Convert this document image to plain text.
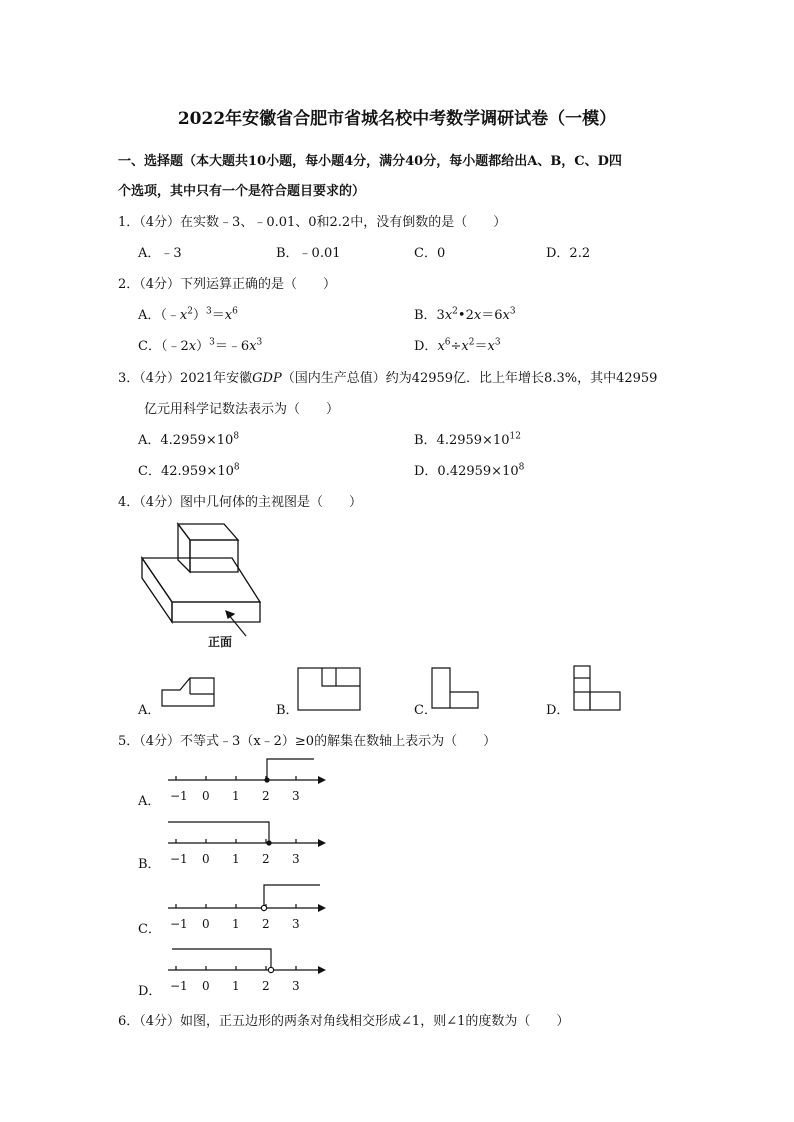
2022年安徽省合肥市省城名校中考数学调研试卷（一模）
一、选择题（本大题共10小题，每小题4分，满分40分，每小题都给出A、B，C、D四
个选项，其中只有一个是符合题目要求的）
1．（4分）在实数﹣3、﹣0.01、0和2.2中，没有倒数的是（　　）
A．﹣3	B．﹣0.01	C．0	D．2.2
2．（4分）下列运算正确的是（　　）
A．$(﹣x^2)^3=x^6$	B．$3x^2•2x=6x^3$
C．$(﹣2x)^3=﹣6x^3$	D．$x^6\div x^2=x^3$
3．（4分）2021年安徽GDP（国内生产总值）约为42959亿．比上年增长8.3%，其中42959
亿元用科学记数法表示为（　　）
A．$4.2959\times 10^8$	B．$4.2959\times 10^{12}$
C．$42.959\times 10^8$	D．$0.42959\times 10^8$
4．（4分）图中几何体的主视图是（　　）
正面
A．	B．	C．	D．
5．（4分）不等式﹣3（x﹣2）≥0的解集在数轴上表示为（　　）
A． −1 0 1 2 3
B． −1 0 1 2 3
C． −1 0 1 2 3
D． −1 0 1 2 3
6．（4分）如图，正五边形的两条对角线相交形成∠1，则∠1的度数为（　　）
